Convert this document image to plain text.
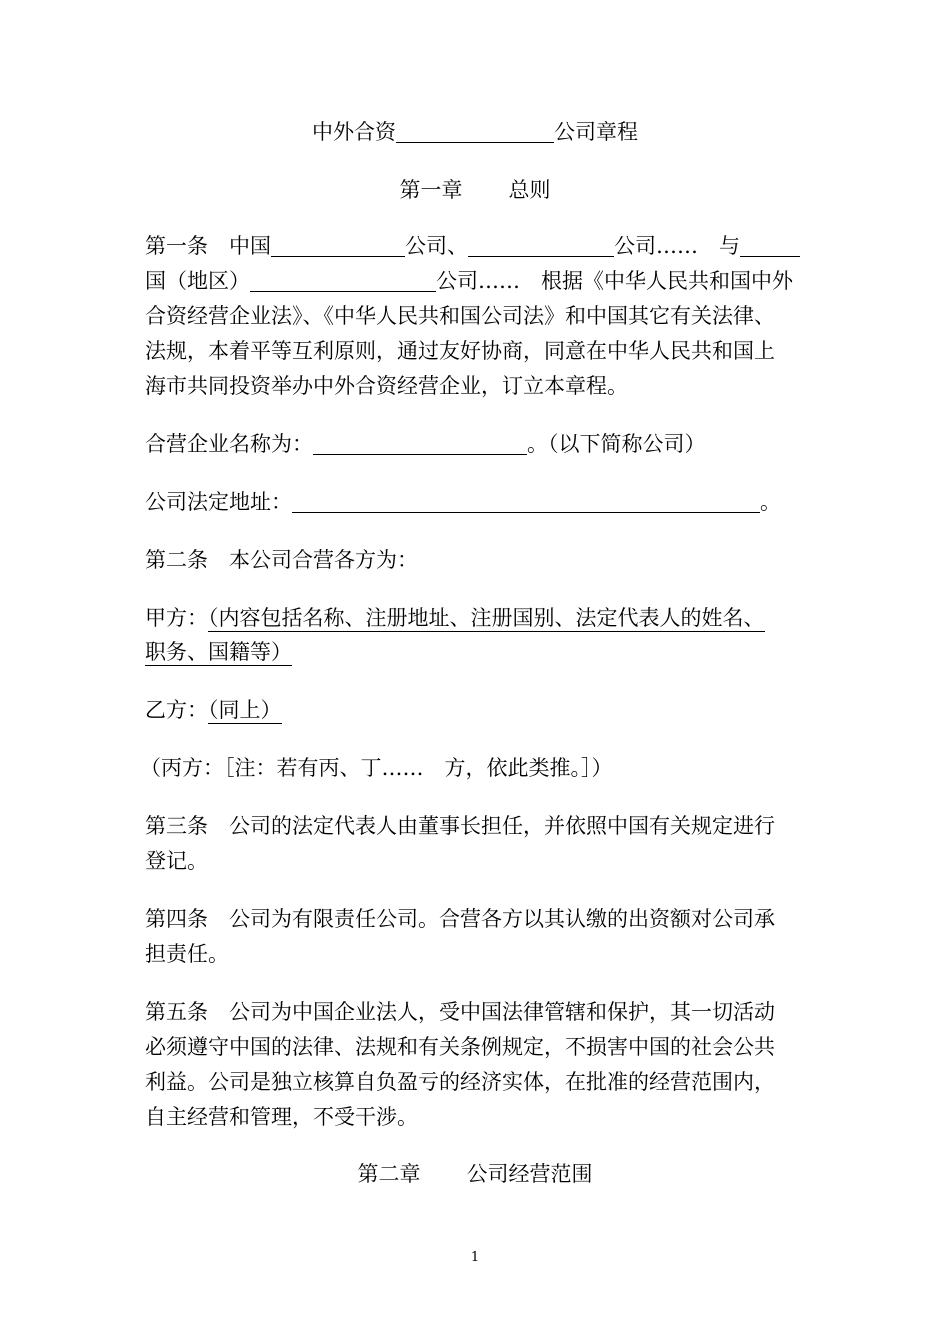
中外合资	公司章程
第一章 总则
第一条　中国	公司、	公司……　与
国（地区）	公司……　根据《中华人民共和国中外
合资经营企业法》、《中华人民共和国公司法》和中国其它有关法律、
法规，本着平等互利原则，通过友好协商，同意在中华人民共和国上
海市共同投资举办中外合资经营企业，订立本章程。
合营企业名称为：	。（以下简称公司）
公司法定地址：	。
第二条　本公司合营各方为：
甲方：（内容包括名称、注册地址、注册国别、法定代表人的姓名、
职务、国籍等）
乙方：（同上）
（丙方：［注：若有丙、丁……　方，依此类推。］）
第三条　公司的法定代表人由董事长担任，并依照中国有关规定进行
登记。
第四条　公司为有限责任公司。合营各方以其认缴的出资额对公司承
担责任。
第五条　公司为中国企业法人，受中国法律管辖和保护，其一切活动
必须遵守中国的法律、法规和有关条例规定，不损害中国的社会公共
利益。公司是独立核算自负盈亏的经济实体，在批准的经营范围内，
自主经营和管理，不受干涉。
第二章 公司经营范围
1
